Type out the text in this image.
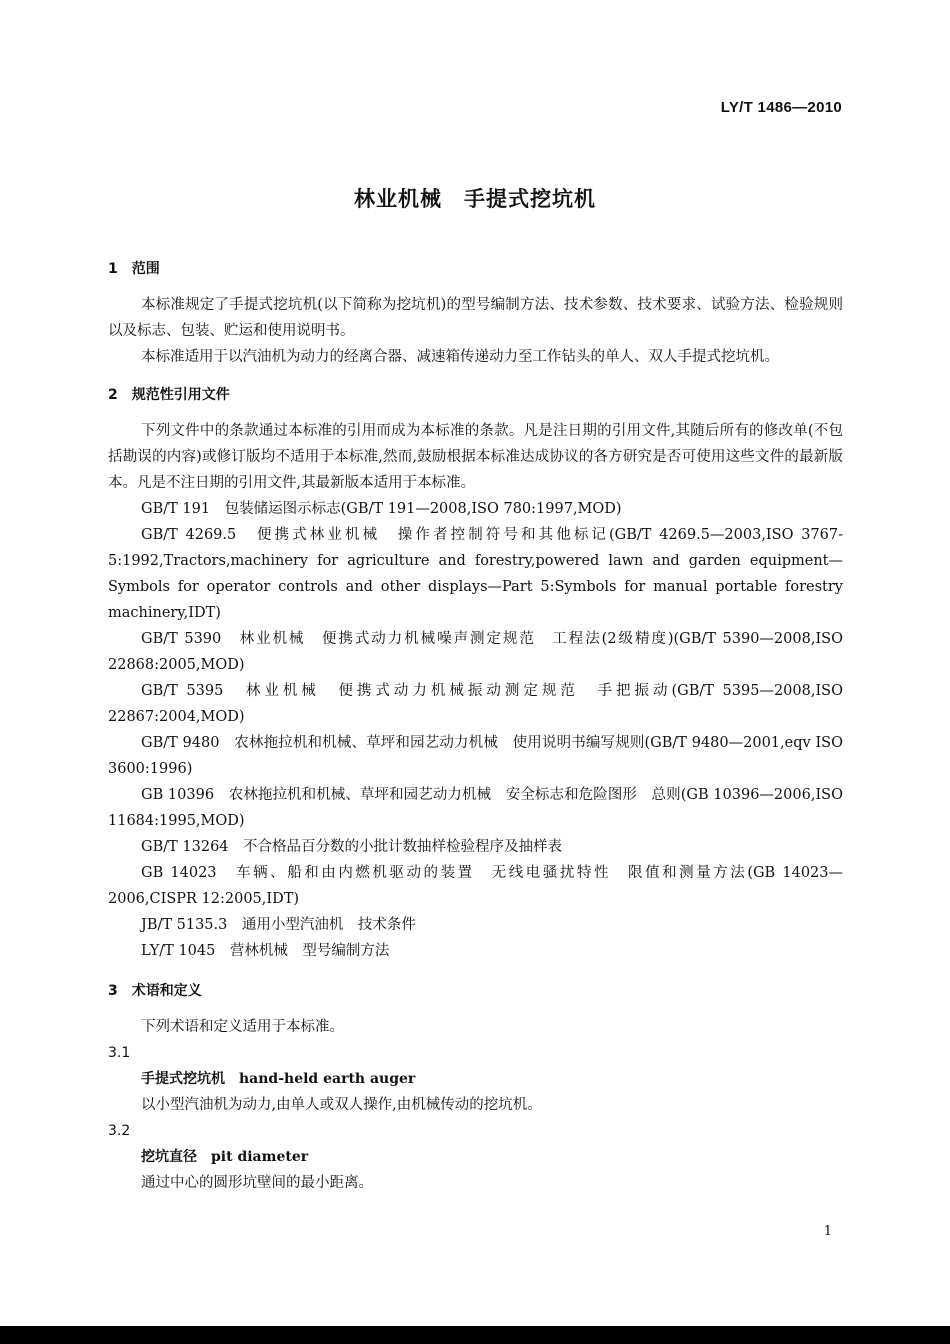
LY/T 1486—2010
林业机械　手提式挖坑机
1　范围

本标准规定了手提式挖坑机(以下简称为挖坑机)的型号编制方法、技术参数、技术要求、试验方法、检验规则以及标志、包装、贮运和使用说明书。

本标准适用于以汽油机为动力的经离合器、减速箱传递动力至工作钻头的单人、双人手提式挖坑机。

2　规范性引用文件

下列文件中的条款通过本标准的引用而成为本标准的条款。凡是注日期的引用文件,其随后所有的修改单(不包括勘误的内容)或修订版均不适用于本标准,然而,鼓励根据本标准达成协议的各方研究是否可使用这些文件的最新版本。凡是不注日期的引用文件,其最新版本适用于本标准。

GB/T 191　包装储运图示标志(GB/T 191—2008,ISO 780:1997,MOD)

GB/T 4269.5　便携式林业机械　操作者控制符号和其他标记(GB/T 4269.5—2003,ISO 3767-5:1992,Tractors,machinery for agriculture and forestry,powered lawn and garden equipment—Symbols for operator controls and other displays—Part 5:Symbols for manual portable forestry machinery,IDT)

GB/T 5390　林业机械　便携式动力机械噪声测定规范　工程法(2级精度)(GB/T 5390—2008,ISO 22868:2005,MOD)

GB/T 5395　林业机械　便携式动力机械振动测定规范　手把振动(GB/T 5395—2008,ISO 22867:2004,MOD)

GB/T 9480　农林拖拉机和机械、草坪和园艺动力机械　使用说明书编写规则(GB/T 9480—2001,eqv ISO 3600:1996)

GB 10396　农林拖拉机和机械、草坪和园艺动力机械　安全标志和危险图形　总则(GB 10396—2006,ISO 11684:1995,MOD)

GB/T 13264　不合格品百分数的小批计数抽样检验程序及抽样表

GB 14023　车辆、船和由内燃机驱动的装置　无线电骚扰特性　限值和测量方法(GB 14023—2006,CISPR 12:2005,IDT)

JB/T 5135.3　通用小型汽油机　技术条件

LY/T 1045　营林机械　型号编制方法

3　术语和定义

下列术语和定义适用于本标准。

3.1
手提式挖坑机　 hand-held earth auger

以小型汽油机为动力,由单人或双人操作,由机械传动的挖坑机。

3.2
挖坑直径　 pit diameter

通过中心的圆形坑壁间的最小距离。

1
